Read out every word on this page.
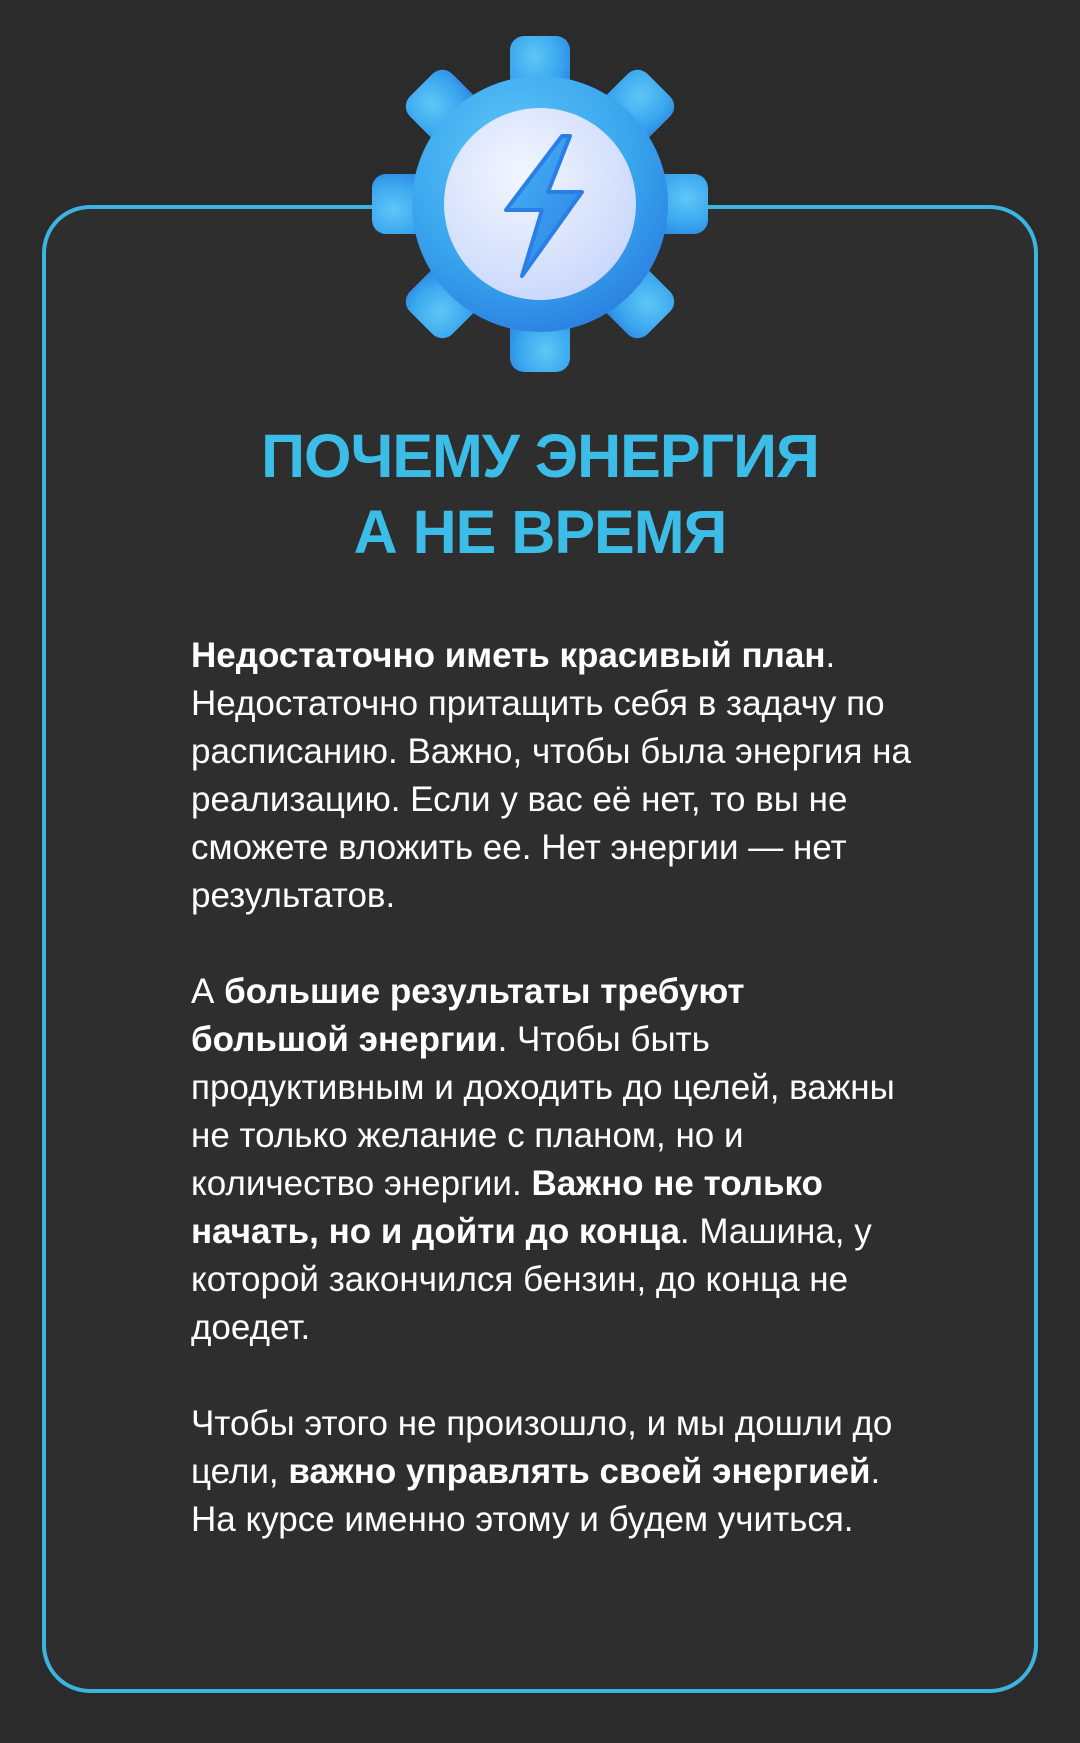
ПОЧЕМУ ЭНЕРГИЯ
А НЕ ВРЕМЯ

Недостаточно иметь красивый план. Недостаточно притащить себя в задачу по расписанию. Важно, чтобы была энергия на реализацию. Если у вас её нет, то вы не сможете вложить ее. Нет энергии — нет результатов.

А большие результаты требуют большой энергии. Чтобы быть продуктивным и доходить до целей, важны не только желание с планом, но и количество энергии. Важно не только начать, но и дойти до конца. Машина, у которой закончился бензин, до конца не доедет.

Чтобы этого не произошло, и мы дошли до цели, важно управлять своей энергией. На курсе именно этому и будем учиться.
